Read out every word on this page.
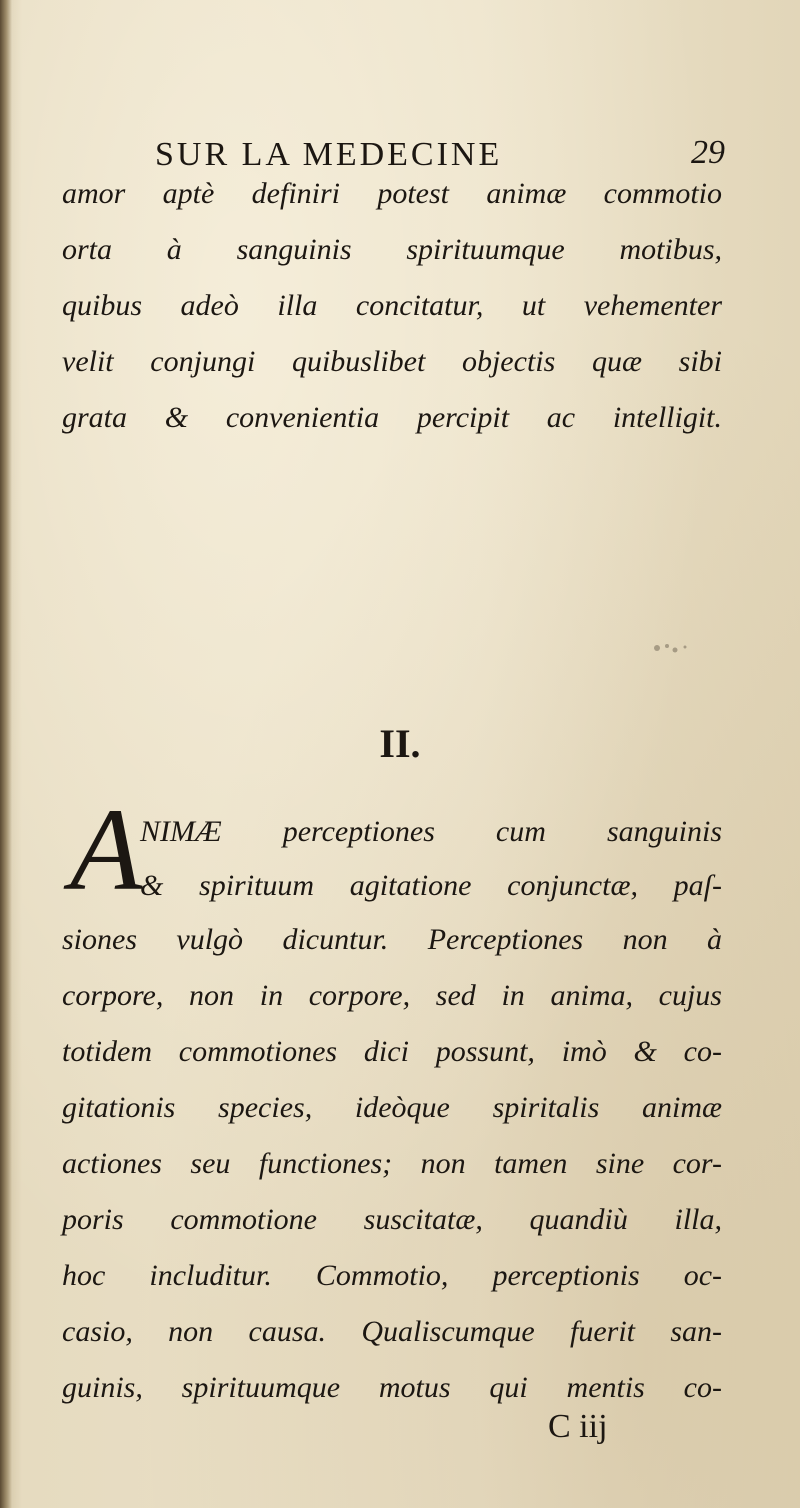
SUR LA MEDECINE	29
amor aptè definiri potest animæ commotio
orta à sanguinis spirituumque motibus,
quibus adeò illa concitatur, ut vehementer
velit conjungi quibuslibet objectis quæ sibi
grata & convenientia percipit ac intelligit.
II.
A
NIMÆ perceptiones cum sanguinis
& spirituum agitatione conjunctæ, paſ-
siones vulgò dicuntur. Perceptiones non à
corpore, non in corpore, sed in anima, cujus
totidem commotiones dici possunt, imò & co-
gitationis species, ideòque spiritalis animæ
actiones seu functiones; non tamen sine cor-
poris commotione suscitatæ, quandiù illa,
hoc includitur. Commotio, perceptionis oc-
casio, non causa. Qualiscumque fuerit san-
guinis, spirituumque motus qui mentis co-
C iij
